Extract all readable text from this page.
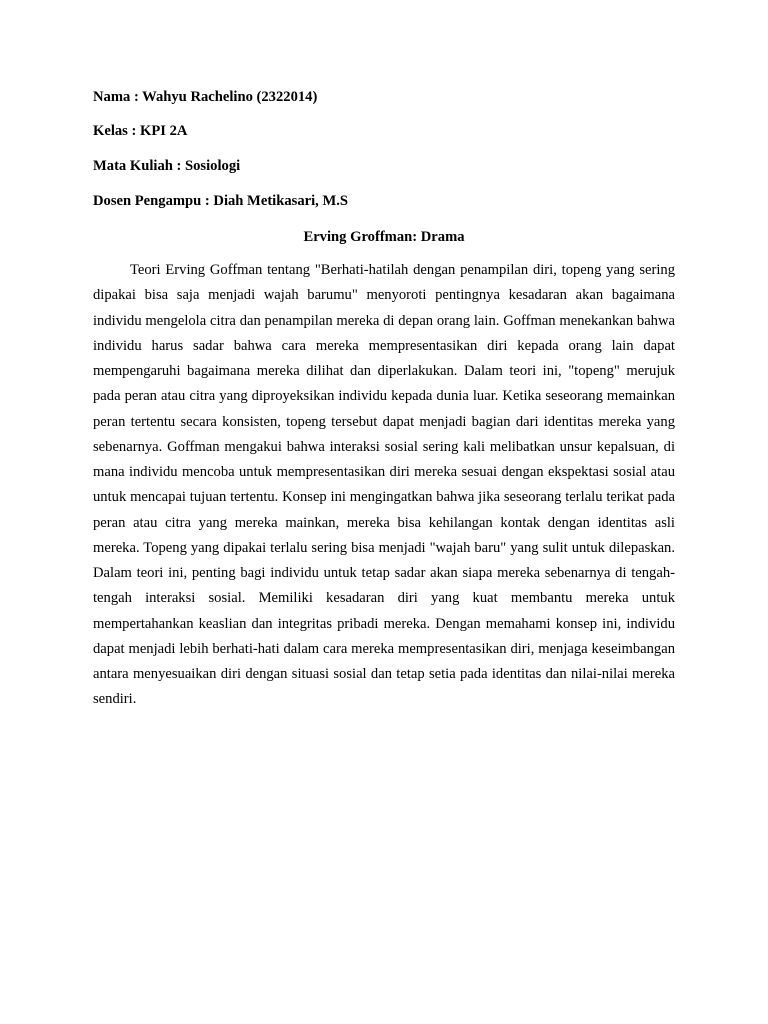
Nama : Wahyu Rachelino (2322014)
Kelas : KPI 2A
Mata Kuliah : Sosiologi
Dosen Pengampu : Diah Metikasari, M.S
Erving Groffman: Drama

Teori Erving Goffman tentang "Berhati-hatilah dengan penampilan diri, topeng yang sering dipakai bisa saja menjadi wajah barumu" menyoroti pentingnya kesadaran akan bagaimana individu mengelola citra dan penampilan mereka di depan orang lain. Goffman menekankan bahwa individu harus sadar bahwa cara mereka mempresentasikan diri kepada orang lain dapat mempengaruhi bagaimana mereka dilihat dan diperlakukan. Dalam teori ini, "topeng" merujuk pada peran atau citra yang diproyeksikan individu kepada dunia luar. Ketika seseorang memainkan peran tertentu secara konsisten, topeng tersebut dapat menjadi bagian dari identitas mereka yang sebenarnya. Goffman mengakui bahwa interaksi sosial sering kali melibatkan unsur kepalsuan, di mana individu mencoba untuk mempresentasikan diri mereka sesuai dengan ekspektasi sosial atau untuk mencapai tujuan tertentu. Konsep ini mengingatkan bahwa jika seseorang terlalu terikat pada peran atau citra yang mereka mainkan, mereka bisa kehilangan kontak dengan identitas asli mereka. Topeng yang dipakai terlalu sering bisa menjadi "wajah baru" yang sulit untuk dilepaskan. Dalam teori ini, penting bagi individu untuk tetap sadar akan siapa mereka sebenarnya di tengah-tengah interaksi sosial. Memiliki kesadaran diri yang kuat membantu mereka untuk mempertahankan keaslian dan integritas pribadi mereka. Dengan memahami konsep ini, individu dapat menjadi lebih berhati-hati dalam cara mereka mempresentasikan diri, menjaga keseimbangan antara menyesuaikan diri dengan situasi sosial dan tetap setia pada identitas dan nilai-nilai mereka sendiri.
